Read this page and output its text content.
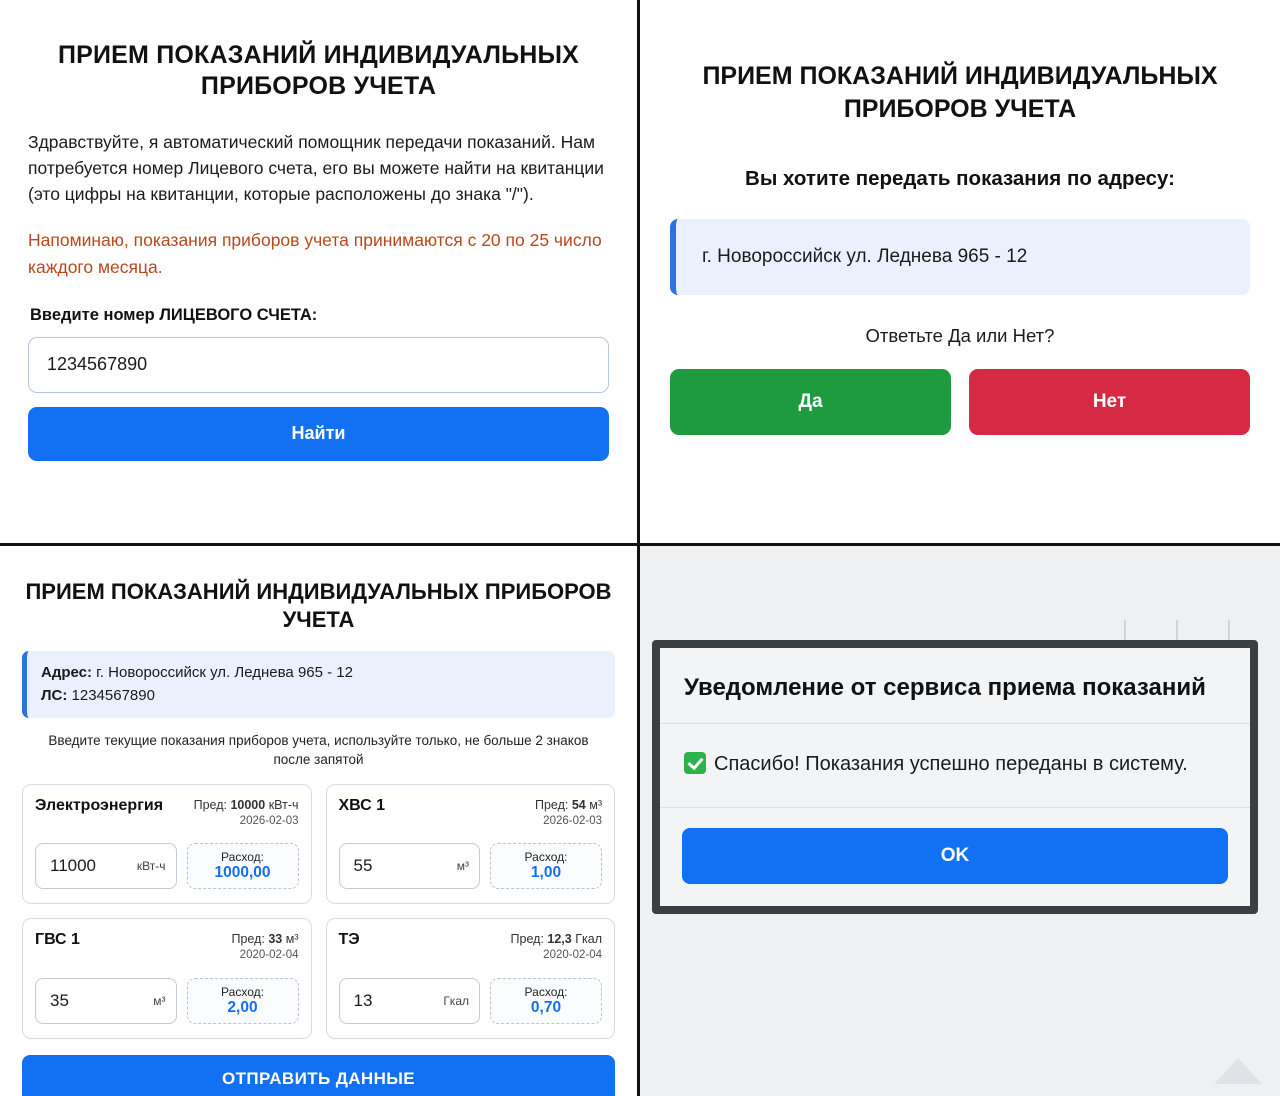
ПРИЕМ ПОКАЗАНИЙ ИНДИВИДУАЛЬНЫХ ПРИБОРОВ УЧЕТА

Здравствуйте, я автоматический помощник передачи показаний. Нам потребуется номер Лицевого счета, его вы можете найти на квитанции (это цифры на квитанции, которые расположены до знака "/").

Напоминаю, показания приборов учета принимаются с 20 по 25 число каждого месяца.

Введите номер ЛИЦЕВОГО СЧЕТА:
1234567890 Найти
ПРИЕМ ПОКАЗАНИЙ ИНДИВИДУАЛЬНЫХ ПРИБОРОВ УЧЕТА
Вы хотите передать показания по адресу:
г. Новороссийск ул. Леднева 965 - 12
Ответьте Да или Нет?
Да	Нет
ПРИЕМ ПОКАЗАНИЙ ИНДИВИДУАЛЬНЫХ ПРИБОРОВ УЧЕТА
Адрес: г. Новороссийск ул. Леднева 965 - 12
ЛС: 1234567890
Введите текущие показания приборов учета, используйте только, не больше 2 знаков после запятой
Электроэнергия Пред: 10000 кВт-ч
2026-02-03
11000	кВт-ч
Расход:
1000,00
ХВС 1	Пред: 54 м³
2026-02-03
55	м³
Расход:
1,00
ГВС 1	Пред: 33 м³
2020-02-04
35	м³
Расход:
2,00
ТЭ	Пред: 12,3 Гкал
2020-02-04
13	Гкал
Расход:
0,70
ОТПРАВИТЬ ДАННЫЕ
Уведомление от сервиса приема показаний
Спасибо! Показания успешно переданы в систему.
OK
